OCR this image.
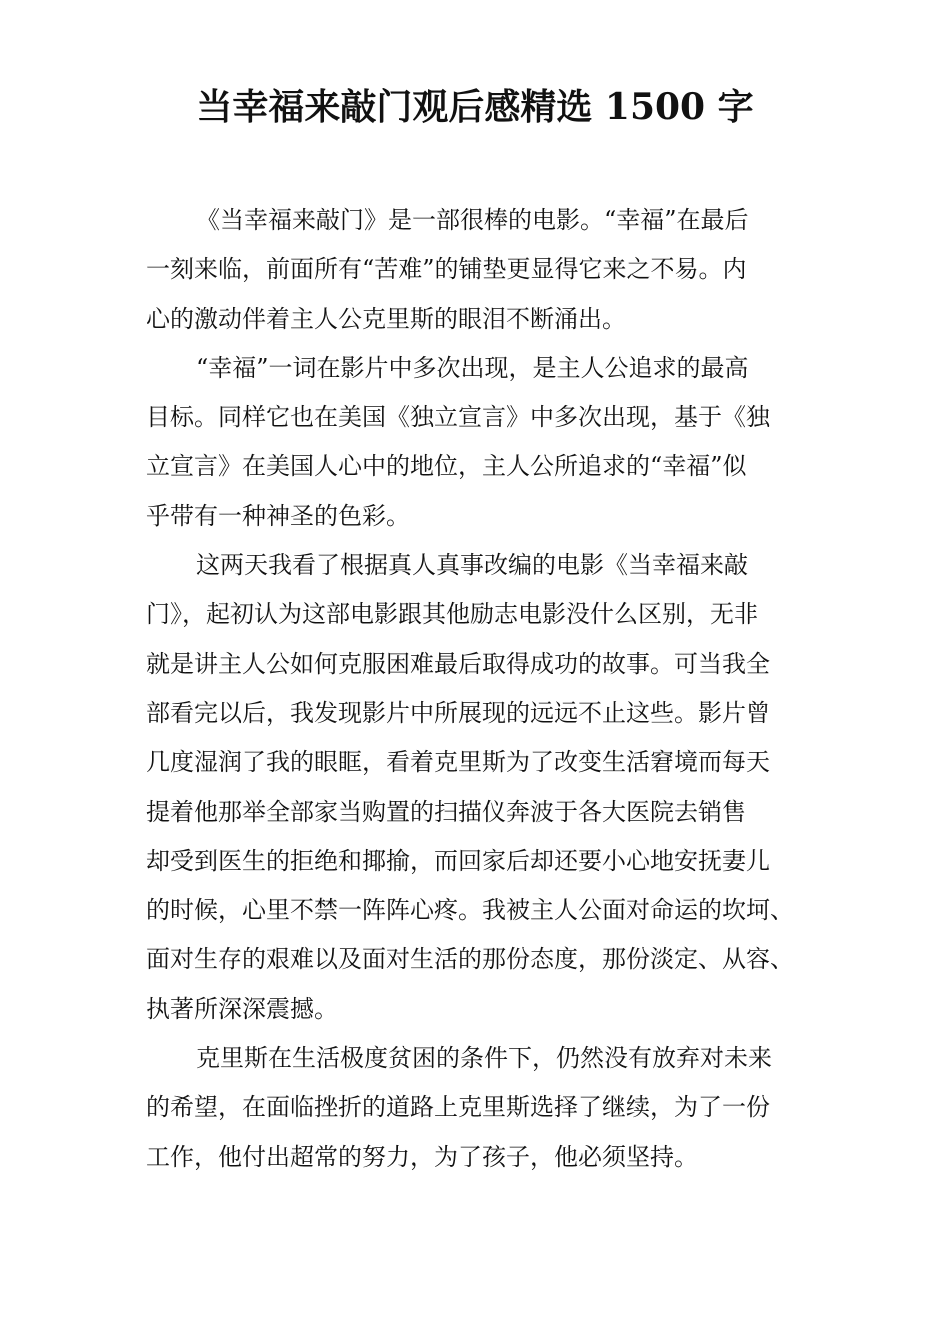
当幸福来敲门观后感精选 1500 字
《当幸福来敲门》是一部很棒的电影。“幸福”在最后
一刻来临，前面所有“苦难”的铺垫更显得它来之不易。内
心的激动伴着主人公克里斯的眼泪不断涌出。
“幸福”一词在影片中多次出现，是主人公追求的最高
目标。同样它也在美国《独立宣言》中多次出现，基于《独
立宣言》在美国人心中的地位，主人公所追求的“幸福”似
乎带有一种神圣的色彩。
这两天我看了根据真人真事改编的电影《当幸福来敲
门》，起初认为这部电影跟其他励志电影没什么区别，无非
就是讲主人公如何克服困难最后取得成功的故事。可当我全
部看完以后，我发现影片中所展现的远远不止这些。影片曾
几度湿润了我的眼眶，看着克里斯为了改变生活窘境而每天
提着他那举全部家当购置的扫描仪奔波于各大医院去销售
却受到医生的拒绝和揶揄，而回家后却还要小心地安抚妻儿
的时候，心里不禁一阵阵心疼。我被主人公面对命运的坎坷、
面对生存的艰难以及面对生活的那份态度，那份淡定、从容、
执著所深深震撼。
克里斯在生活极度贫困的条件下，仍然没有放弃对未来
的希望，在面临挫折的道路上克里斯选择了继续，为了一份
工作，他付出超常的努力，为了孩子，他必须坚持。
